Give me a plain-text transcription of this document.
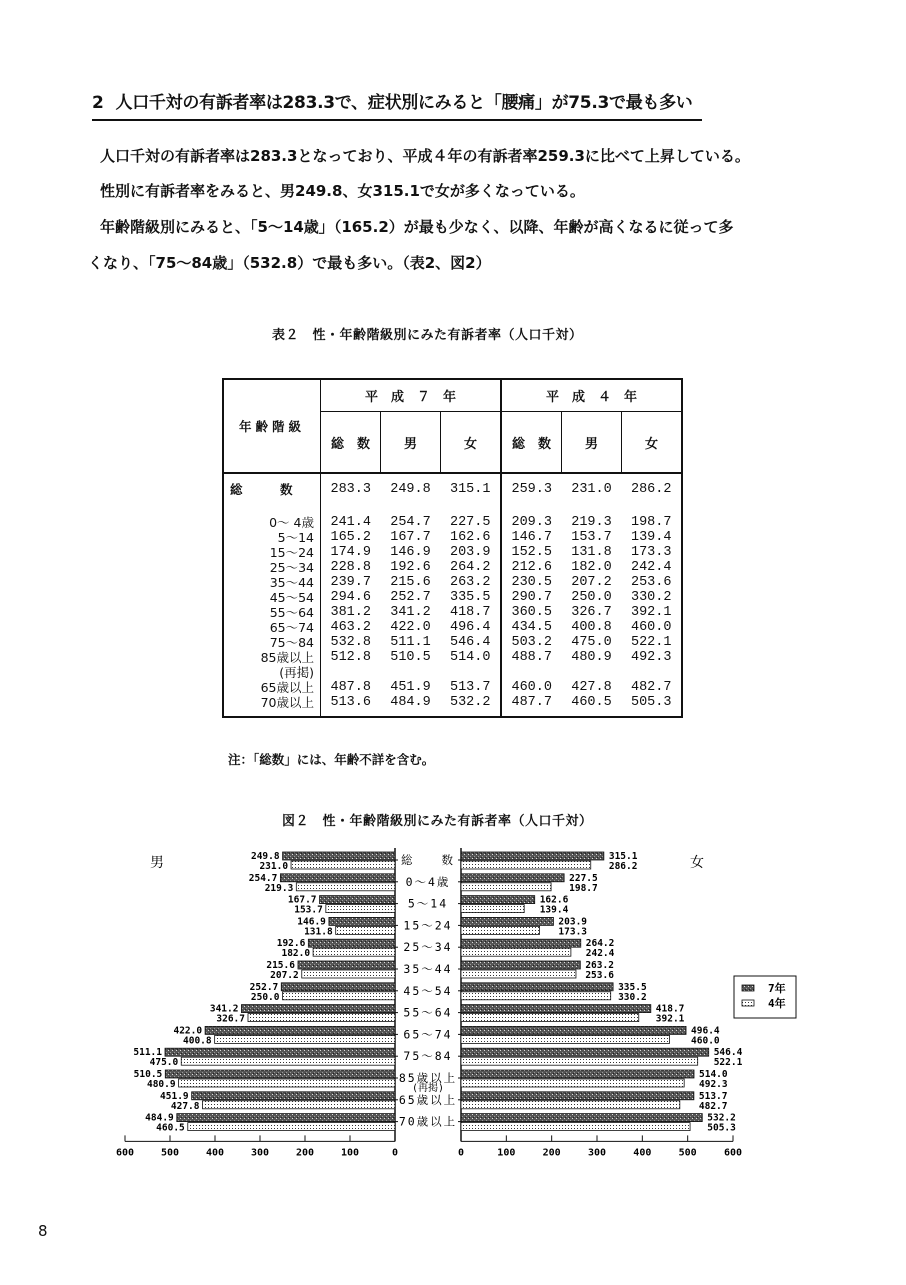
2 人口千対の有訴者率は283.3で、症状別にみると「腰痛」が75.3で最も多い
人口千対の有訴者率は283.3となっており、平成４年の有訴者率259.3に比べて上昇している。
性別に有訴者率をみると、男249.8、女315.1で女が多くなっている。
年齢階級別にみると、「5〜14歳」（165.2）が最も少なく、以降、年齢が高くなるに従って多
くなり、「75〜84歳」（532.8）で最も多い。（表2、図2）
表２　性・年齢階級別にみた有訴者率（人口千対）
年齢階級	平　成　７　年			平　成　４　年		
	総　数	男	女	総　数	男	女
総　　　数	283.3	249.8	315.1	259.3	231.0	286.2
0〜 4歳	241.4	254.7	227.5	209.3	219.3	198.7
5〜14	165.2	167.7	162.6	146.7	153.7	139.4
15〜24	174.9	146.9	203.9	152.5	131.8	173.3
25〜34	228.8	192.6	264.2	212.6	182.0	242.4
35〜44	239.7	215.6	263.2	230.5	207.2	253.6
45〜54	294.6	252.7	335.5	290.7	250.0	330.2
55〜64	381.2	341.2	418.7	360.5	326.7	392.1
65〜74	463.2	422.0	496.4	434.5	400.8	460.0
75〜84	532.8	511.1	546.4	503.2	475.0	522.1
85歳以上	512.8	510.5	514.0	488.7	480.9	492.3
(再掲)						
65歳以上	487.8	451.9	513.7	460.0	427.8	482.7
70歳以上	513.6	484.9	532.2	487.7	460.5	505.3
注：「総数」には、年齢不詳を含む。
図２　性・年齢階級別にみた有訴者率（人口千対）
0	0
100	100
200	200
300	300
400	400
500	500
600	600
男	女
総　　数
249.8
231.0
315.1
286.2
0〜4歳
254.7
219.3
227.5
198.7
5〜14
167.7
153.7
162.6
139.4
15〜24
146.9
131.8
203.9
173.3
25〜34
192.6
182.0
264.2
242.4
35〜44
215.6
207.2
263.2
253.6
45〜54
252.7
250.0
335.5
330.2
55〜64
341.2
326.7
418.7
392.1
65〜74
422.0
400.8
496.4
460.0
75〜84
511.1
475.0
546.4
522.1
85歳以上
510.5
480.9
514.0
492.3
65歳以上
451.9
427.8
513.7
482.7
70歳以上
484.9
460.5
532.2
505.3
(再掲)
7年
4年
8
